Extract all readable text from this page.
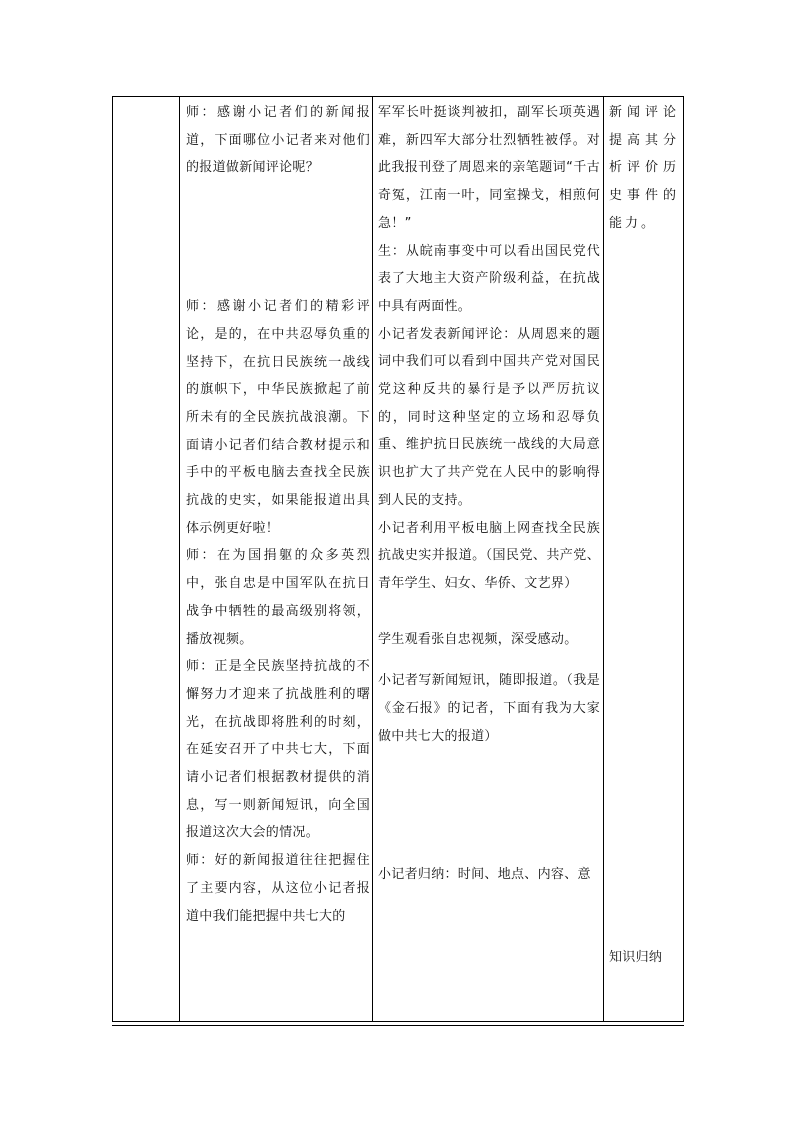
师：感谢小记者们的新闻报道，下面哪位小记者来对他们的报道做新闻评论呢？

师：感谢小记者们的精彩评论，是的，在中共忍辱负重的坚持下，在抗日民族统一战线的旗帜下，中华民族掀起了前所未有的全民族抗战浪潮。下面请小记者们结合教材提示和手中的平板电脑去查找全民族抗战的史实，如果能报道出具体示例更好啦！

师：在为国捐躯的众多英烈中，张自忠是中国军队在抗日战争中牺牲的最高级别将领，播放视频。

师：正是全民族坚持抗战的不懈努力才迎来了抗战胜利的曙光，在抗战即将胜利的时刻，在延安召开了中共七大，下面请小记者们根据教材提供的消息，写一则新闻短讯，向全国报道这次大会的情况。

师：好的新闻报道往往把握住了主要内容，从这位小记者报道中我们能把握中共七大的

军军长叶挺谈判被扣，副军长项英遇难，新四军大部分壮烈牺牲被俘。对此我报刊登了周恩来的亲笔题词“千古奇冤，江南一叶，同室操戈，相煎何急！”

生：从皖南事变中可以看出国民党代表了大地主大资产阶级利益，在抗战中具有两面性。

小记者发表新闻评论：从周恩来的题词中我们可以看到中国共产党对国民党这种反共的暴行是予以严厉抗议的，同时这种坚定的立场和忍辱负重、维护抗日民族统一战线的大局意识也扩大了共产党在人民中的影响得到人民的支持。

小记者利用平板电脑上网查找全民族抗战史实并报道。（国民党、共产党、青年学生、妇女、华侨、文艺界）

学生观看张自忠视频，深受感动。

小记者写新闻短讯，随即报道。（我是《金石报》的记者，下面有我为大家做中共七大的报道）

小记者归纳：时间、地点、内容、意

新闻评论提高其分析评价历史事件的能力。

知识归纳
